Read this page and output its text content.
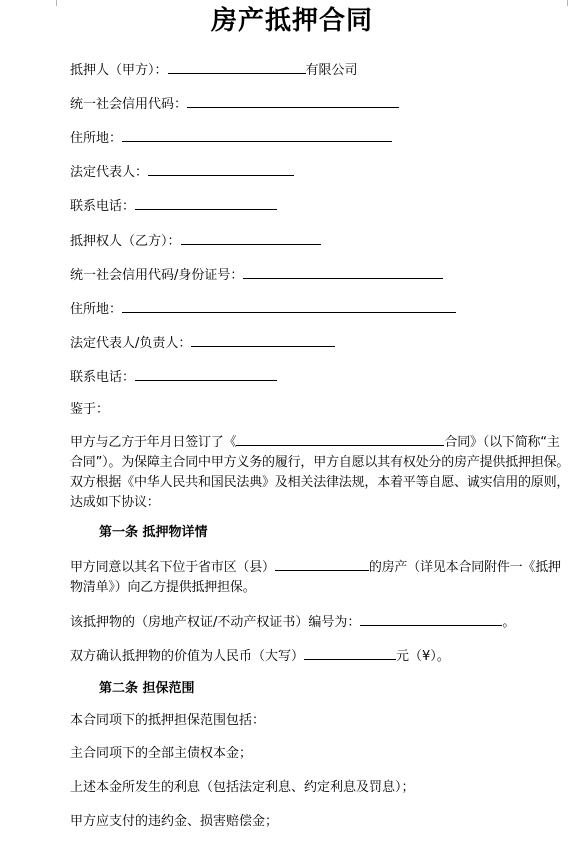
房产抵押合同
抵押人（甲方）：	有限公司
统一社会信用代码：
住所地：
法定代表人：
联系电话：
抵押权人（乙方）：
统一社会信用代码/身份证号：
住所地：
法定代表人/负责人：
联系电话：
鉴于：
甲方与乙方于年月日签订了《	合同》（以下简称“主合同”）。为保障主合同中甲方义务的履行，甲方自愿以其有权处分的房产提供抵押担保。双方根据《中华人民共和国民法典》及相关法律法规，本着平等自愿、诚实信用的原则，达成如下协议：
第一条 抵押物详情
甲方同意以其名下位于省市区（县）	的房产（详见本合同附件一《抵押物清单》）向乙方提供抵押担保。
该抵押物的（房地产权证/不动产权证书）编号为：	。
双方确认抵押物的价值为人民币（大写）	元（¥）。
第二条 担保范围
本合同项下的抵押担保范围包括：
主合同项下的全部主债权本金；
上述本金所发生的利息（包括法定利息、约定利息及罚息）；
甲方应支付的违约金、损害赔偿金；
